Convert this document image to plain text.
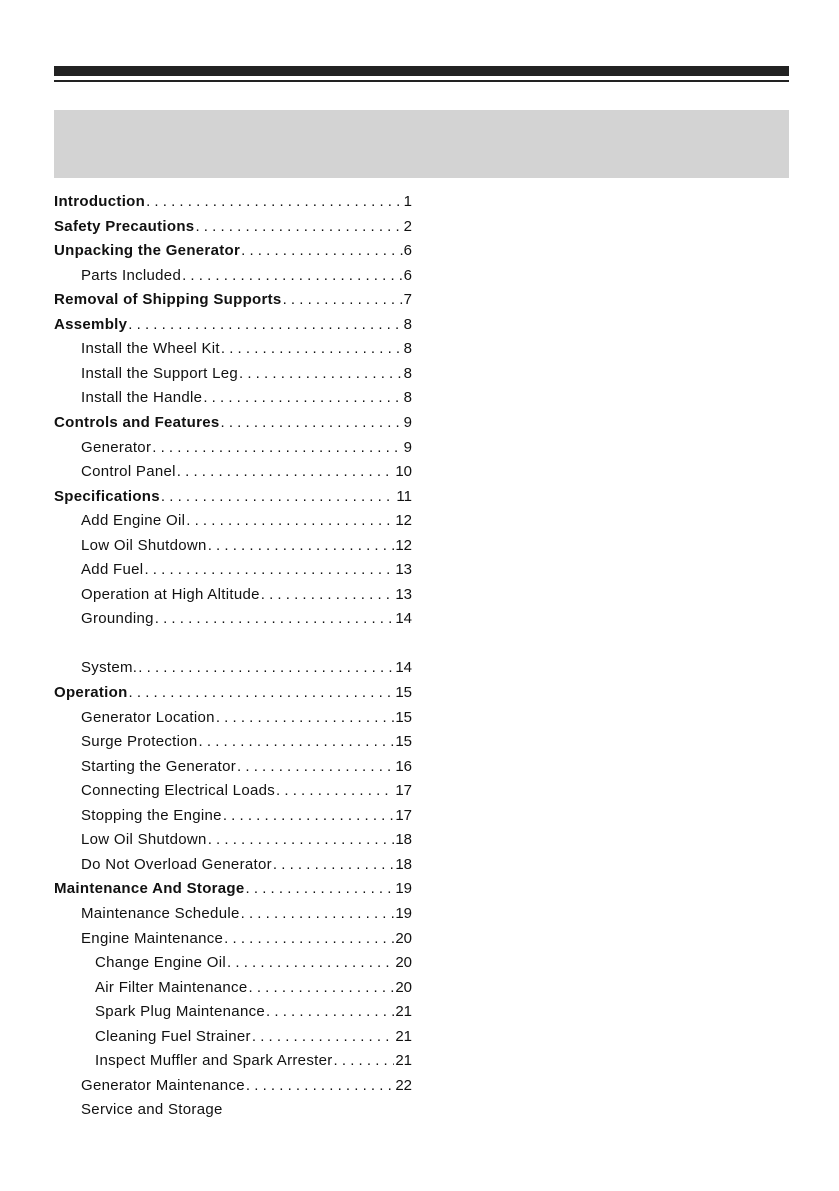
Introduction . . .	1
Safety Precautions . . .	2
Unpacking the Generator . . .	6
Parts Included . . .	6
Removal of Shipping Supports . . .	7
Assembly . . .	8
Install the Wheel Kit . . .	8
Install the Support Leg . . .	8
Install the Handle . . .	8
Controls and Features . . .	9
Generator . . .	9
Control Panel . . .	10
Specifications . . .	11
Add Engine Oil . . .	12
Low Oil Shutdown . . .	12
Add Fuel . . .	13
Operation at High Altitude . . .	13
Grounding . . .	14
System. . . .	14
Operation . . .	15
Generator Location . . .	15
Surge Protection . . .	15
Starting the Generator . . .	16
Connecting Electrical Loads . . .	17
Stopping the Engine . . .	17
Low Oil Shutdown . . .	18
Do Not Overload Generator . . .	18
Maintenance And Storage . . .	19
Maintenance Schedule . . .	19
Engine Maintenance . . .	20
Change Engine Oil . . .	20
Air Filter Maintenance . . .	20
Spark Plug Maintenance . . .	21
Cleaning Fuel Strainer . . .	21
Inspect Muffler and Spark Arrester . . .	21
Generator Maintenance . . .	22
Service and Storage
